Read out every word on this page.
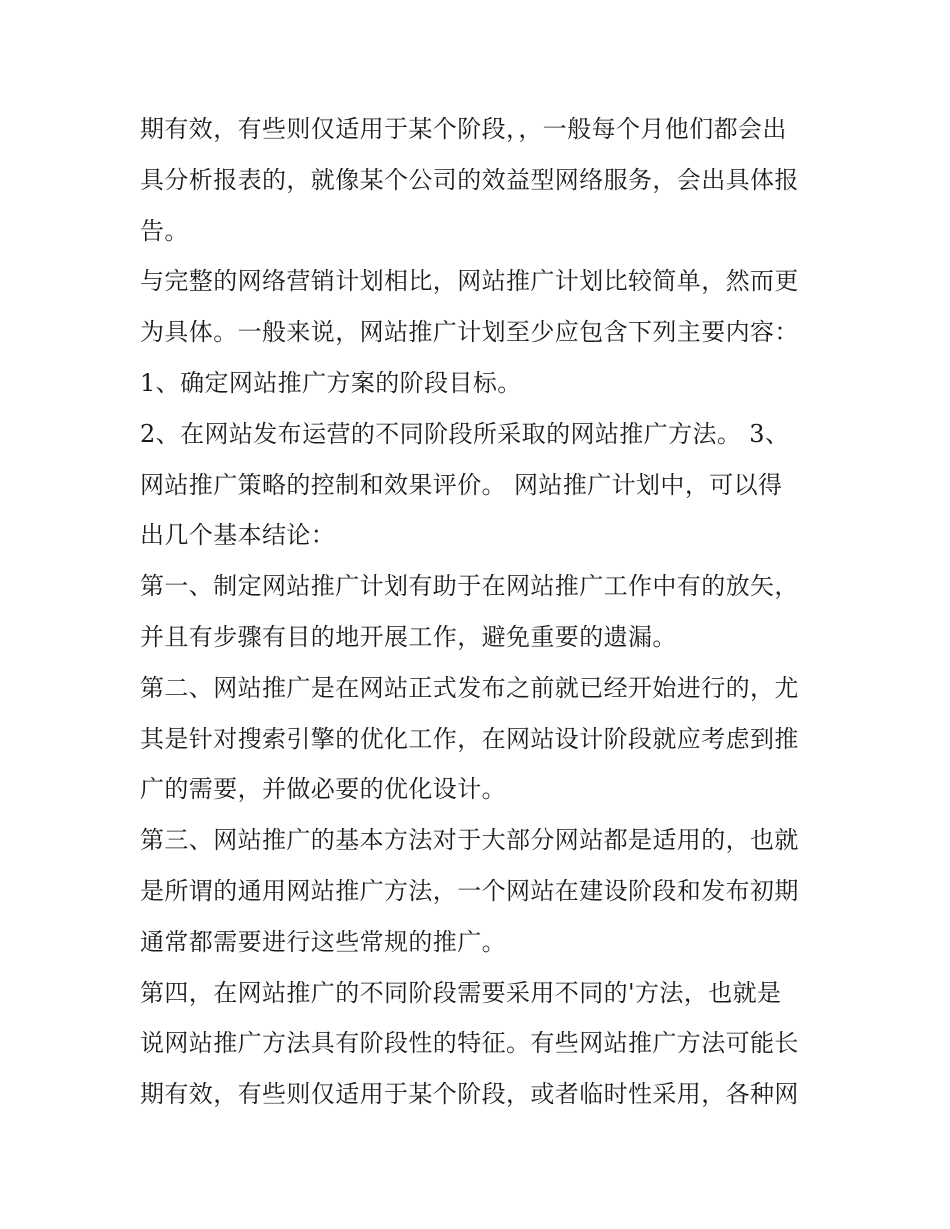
期有效，有些则仅适用于某个阶段，，一般每个月他们都会出
具分析报表的，就像某个公司的效益型网络服务，会出具体报
告。
与完整的网络营销计划相比，网站推广计划比较简单，然而更
为具体。一般来说，网站推广计划至少应包含下列主要内容：
1、确定网站推广方案的阶段目标。
2、在网站发布运营的不同阶段所采取的网站推广方法。 3、
网站推广策略的控制和效果评价。 网站推广计划中，可以得
出几个基本结论：
第一、制定网站推广计划有助于在网站推广工作中有的放矢，
并且有步骤有目的地开展工作，避免重要的遗漏。
第二、网站推广是在网站正式发布之前就已经开始进行的，尤
其是针对搜索引擎的优化工作，在网站设计阶段就应考虑到推
广的需要，并做必要的优化设计。
第三、网站推广的基本方法对于大部分网站都是适用的，也就
是所谓的通用网站推广方法，一个网站在建设阶段和发布初期
通常都需要进行这些常规的推广。
第四，在网站推广的不同阶段需要采用不同的'方法，也就是
说网站推广方法具有阶段性的特征。有些网站推广方法可能长
期有效，有些则仅适用于某个阶段，或者临时性采用，各种网
